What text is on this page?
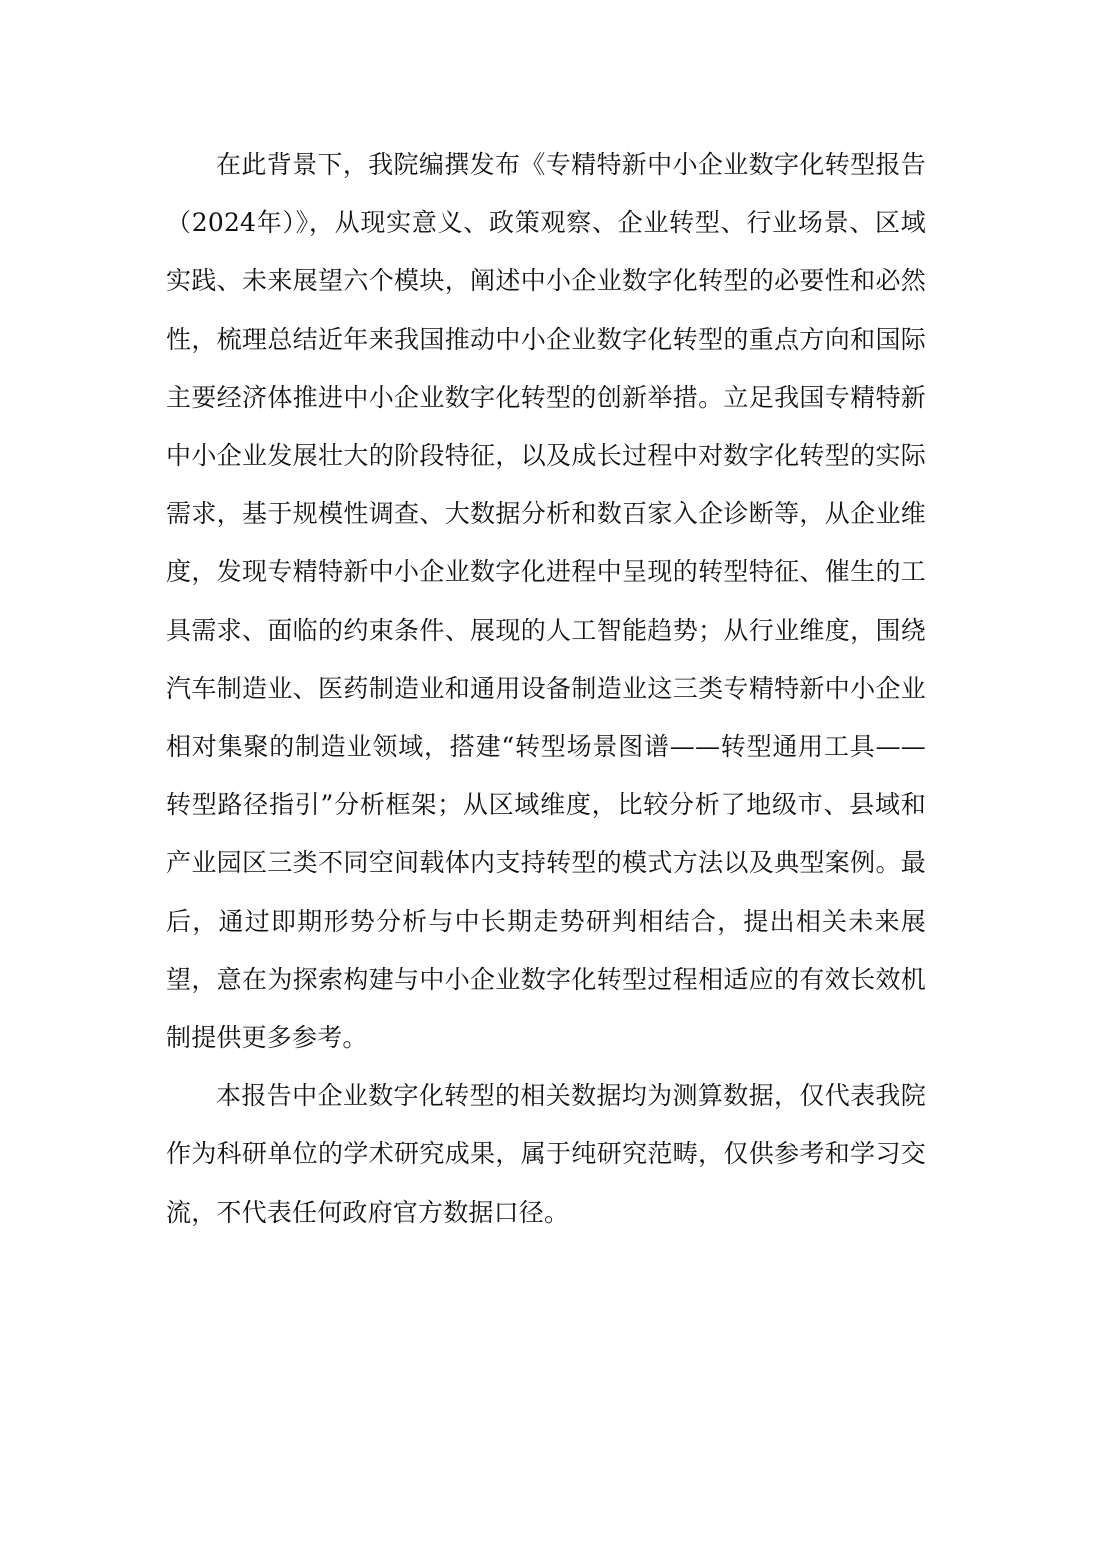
在此背景下，我院编撰发布《专精特新中小企业数字化转型报告（2024年）》，从现实意义、政策观察、企业转型、行业场景、区域实践、未来展望六个模块，阐述中小企业数字化转型的必要性和必然性，梳理总结近年来我国推动中小企业数字化转型的重点方向和国际主要经济体推进中小企业数字化转型的创新举措。立足我国专精特新中小企业发展壮大的阶段特征，以及成长过程中对数字化转型的实际需求，基于规模性调查、大数据分析和数百家入企诊断等，从企业维度，发现专精特新中小企业数字化进程中呈现的转型特征、催生的工具需求、面临的约束条件、展现的人工智能趋势；从行业维度，围绕汽车制造业、医药制造业和通用设备制造业这三类专精特新中小企业相对集聚的制造业领域，搭建“转型场景图谱——转型通用工具——转型路径指引”分析框架；从区域维度，比较分析了地级市、县域和产业园区三类不同空间载体内支持转型的模式方法以及典型案例。最后，通过即期形势分析与中长期走势研判相结合，提出相关未来展望，意在为探索构建与中小企业数字化转型过程相适应的有效长效机制提供更多参考。

本报告中企业数字化转型的相关数据均为测算数据，仅代表我院作为科研单位的学术研究成果，属于纯研究范畴，仅供参考和学习交流，不代表任何政府官方数据口径。
